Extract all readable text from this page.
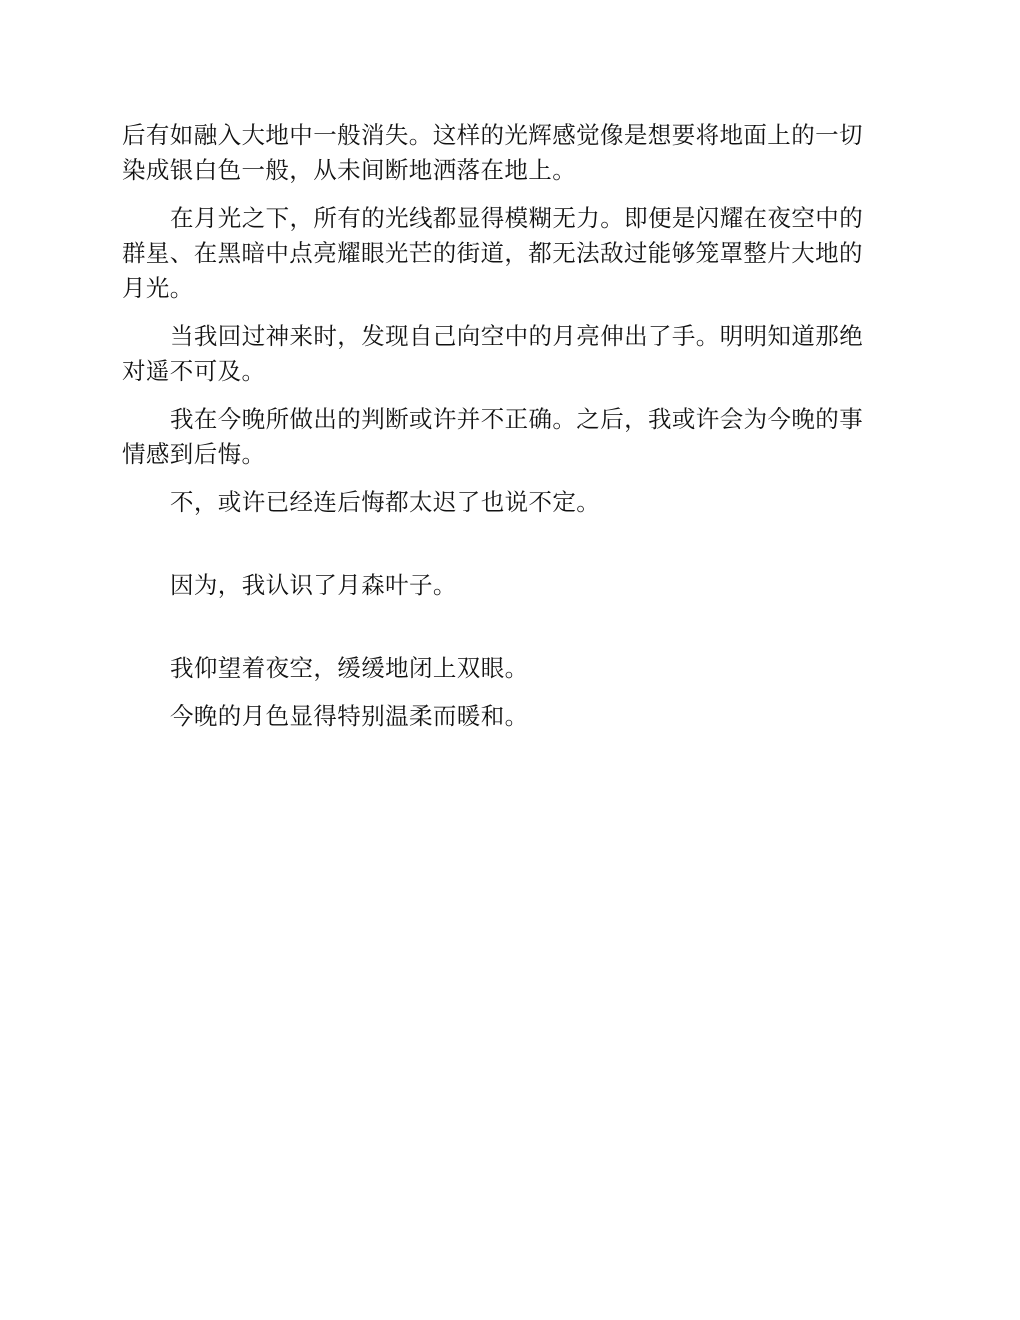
后有如融入大地中一般消失。这样的光辉感觉像是想要将地面上的一切
染成银白色一般，从未间断地洒落在地上。

在月光之下，所有的光线都显得模糊无力。即便是闪耀在夜空中的
群星、在黑暗中点亮耀眼光芒的街道，都无法敌过能够笼罩整片大地的
月光。

当我回过神来时，发现自己向空中的月亮伸出了手。明明知道那绝
对遥不可及。

我在今晚所做出的判断或许并不正确。之后，我或许会为今晚的事
情感到后悔。

不，或许已经连后悔都太迟了也说不定。

因为，我认识了月森叶子。

我仰望着夜空，缓缓地闭上双眼。

今晚的月色显得特别温柔而暖和。
